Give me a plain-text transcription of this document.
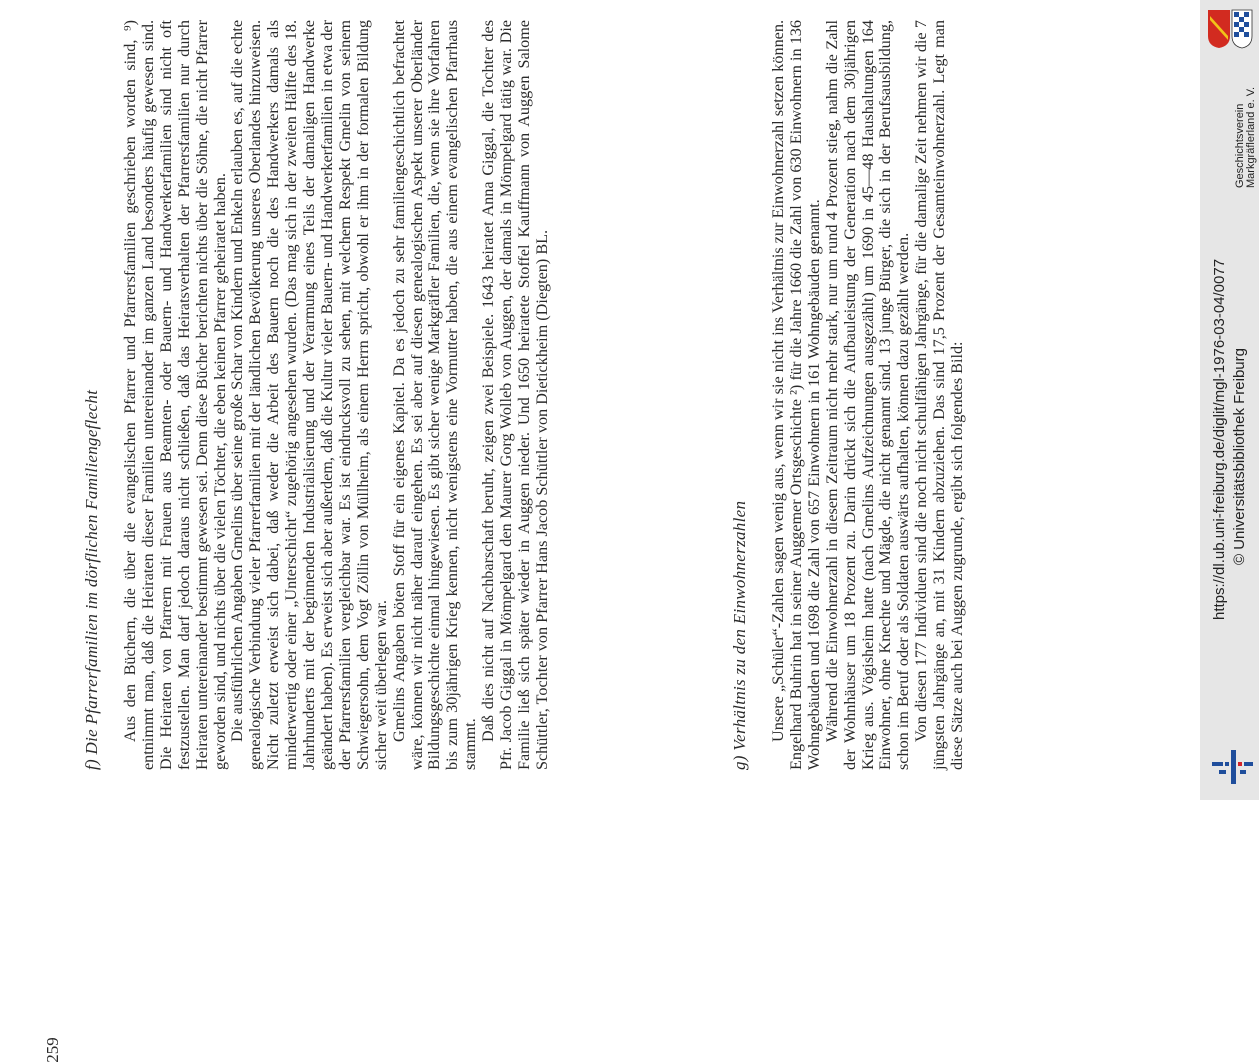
f) Die Pfarrerfamilien im dörflichen Familiengeflecht Aus den Büchern, die über die evangelischen Pfarrer und Pfarrersfamilien geschrieben worden sind, ⁹) entnimmt man, daß die Heiraten dieser Familien untereinander im ganzen Land besonders häufig gewesen sind. Die Heiraten von Pfarrern mit Frauen aus Beamten- oder Bauern- und Handwerkerfamilien sind nicht oft festzustellen. Man darf jedoch daraus nicht schließen, daß das Heiratsverhalten der Pfarrersfamilien nur durch Heiraten untereinander bestimmt gewesen sei. Denn diese Bücher berichten nichts über die Söhne, die nicht Pfarrer geworden sind, und nichts über die vielen Töchter, die eben keinen Pfarrer geheiratet haben. Die ausführlichen Angaben Gmelins über seine große Schar von Kindern und Enkeln erlauben es, auf die echte genealogische Verbindung vieler Pfarrerfamilien mit der ländlichen Bevölkerung unseres Oberlandes hinzuweisen. Nicht zuletzt erweist sich dabei, daß weder die Arbeit des Bauern noch die des Handwerkers damals als minderwertig oder einer „Unterschicht“ zugehörig angesehen wurden. (Das mag sich in der zweiten Hälfte des 18. Jahrhunderts mit der beginnenden Industrialisierung und der Verarmung eines Teils der damaligen Handwerke geändert haben). Es erweist sich aber außerdem, daß die Kultur vieler Bauern- und Handwerkerfamilien in etwa der der Pfarrersfamilien vergleichbar war. Es ist eindrucksvoll zu sehen, mit welchem Respekt Gmelin von seinem Schwiegersohn, dem Vogt Zöllin von Müllheim, als einem Herrn spricht, obwohl er ihm in der formalen Bildung sicher weit überlegen war. Gmelins Angaben böten Stoff für ein eigenes Kapitel. Da es jedoch zu sehr familiengeschichtlich befrachtet wäre, können wir nicht näher darauf eingehen. Es sei aber auf diesen genealogischen Aspekt unserer Oberländer Bildungsgeschichte einmal hingewiesen. Es gibt sicher wenige Markgräfler Familien, die, wenn sie ihre Vorfahren bis zum 30jährigen Krieg kennen, nicht wenigstens eine Vormutter haben, die aus einem evangelischen Pfarrhaus stammt.

Daß dies nicht auf Nachbarschaft beruht, zeigen zwei Beispiele. 1643 heiratet Anna Giggal, die Tochter des Pfr. Jacob Giggal in Mömpelgard den Maurer Gorg Wolleb von Auggen, der damals in Mömpelgard tätig war. Die Familie ließ sich später wieder in Auggen nieder. Und 1650 heiratete Stoffel Kauffmann von Auggen Salome Schüttler, Tochter von Pfarrer Hans Jacob Schüttler von Dietickheim (Diegten) BL.	g) Verhältnis zu den Einwohnerzahlen Unsere „Schüler“-Zahlen sagen wenig aus, wenn wir sie nicht ins Verhältnis zur Einwohnerzahl setzen können. Engelhard Buhrin hat in seiner Auggemer Ortsgeschichte ²) für die Jahre 1660 die Zahl von 630 Einwohnern in 136 Wohngebäuden und 1698 die Zahl von 657 Einwohnern in 161 Wohngebäuden genannt. Während die Einwohnerzahl in diesem Zeitraum nicht mehr stark, nur um rund 4 Prozent stieg, nahm die Zahl der Wohnhäuser um 18 Prozent zu. Darin drückt sich die Aufbauleistung der Generation nach dem 30jährigen Krieg aus. Vögisheim hatte (nach Gmelins Aufzeichnungen ausgezählt) um 1690 in 45—48 Haushaltungen 164 Einwohner, ohne Knechte und Mägde, die nicht genannt sind. 13 junge Bürger, die sich in der Berufsausbildung, schon im Beruf oder als Soldaten auswärts aufhalten, können dazu gezählt werden. Von diesen 177 Individuen sind die noch nicht schulfähigen Jahrgänge, für die damalige Zeit nehmen wir die 7 jüngsten Jahrgänge an, mit 31 Kindern abzuziehen. Das sind 17,5 Prozent der Gesamteinwohnerzahl. Legt man diese Sätze auch bei Auggen zugrunde, ergibt sich folgendes Bild:

259
https://dl.ub.uni-freiburg.de/diglit/mgl-1976-03-04/0077 © Universitätsbibliothek Freiburg
Geschichtsverein Markgräflerland e. V.
